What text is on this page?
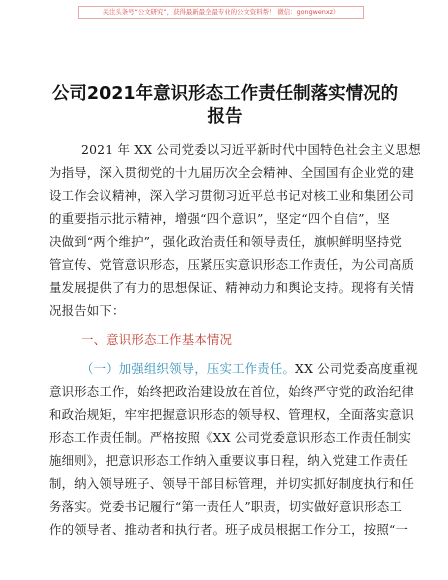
关注头条号“公文研究”，获得最新最全最专业的公文资料帮！ 微信：gongwenxz）
公司2021年意识形态工作责任制落实情况的
报告
2021 年 XX 公司党委以习近平新时代中国特色社会主义思想
为指导，深入贯彻党的十九届历次全会精神、全国国有企业党的建
设工作会议精神，深入学习贯彻习近平总书记对核工业和集团公司
的重要指示批示精神，增强“四个意识”，坚定“四个自信”，坚
决做到“两个维护”，强化政治责任和领导责任，旗帜鲜明坚持党
管宣传、党管意识形态，压紧压实意识形态工作责任，为公司高质
量发展提供了有力的思想保证、精神动力和舆论支持。现将有关情
况报告如下：
一、意识形态工作基本情况
（一）加强组织领导，压实工作责任。XX 公司党委高度重视
意识形态工作，始终把政治建设放在首位，始终严守党的政治纪律
和政治规矩，牢牢把握意识形态的领导权、管理权，全面落实意识
形态工作责任制。严格按照《XX 公司党委意识形态工作责任制实
施细则》，把意识形态工作纳入重要议事日程，纳入党建工作责任
制，纳入领导班子、领导干部目标管理，并切实抓好制度执行和任
务落实。党委书记履行“第一责任人”职责，切实做好意识形态工
作的领导者、推动者和执行者。班子成员根据工作分工，按照“一
